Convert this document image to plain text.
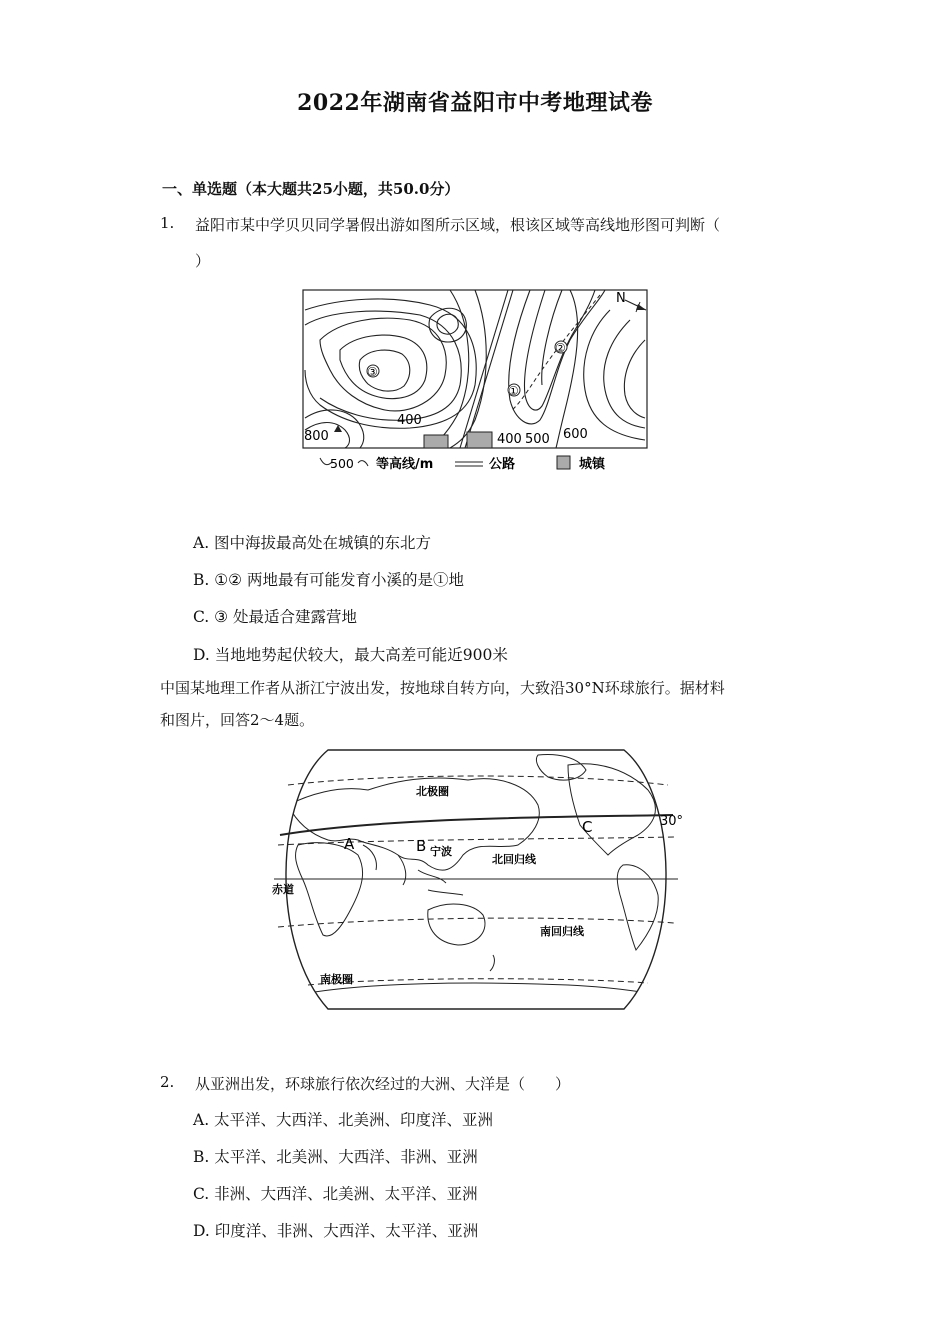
2022年湖南省益阳市中考地理试卷
一、单选题（本大题共25小题，共50.0分）
1. 益阳市某中学贝贝同学暑假出游如图所示区域，根该区域等高线地形图可判断（
）
N
①
②
③
400
800	400 500 600
500 等高线/m	公路	城镇
A. 图中海拔最高处在城镇的东北方
B. ①② 两地最有可能发育小溪的是①地
C. ③ 处最适合建露营地
D. 当地地势起伏较大，最大高差可能近900米
中国某地理工作者从浙江宁波出发，按地球自转方向，大致沿30°N环球旅行。据材料
和图片，回答2～4题。
北极圈
30°
A	B 宁波
C
北回归线
赤道
南回归线
南极圈
2. 从亚洲出发，环球旅行依次经过的大洲、大洋是（　　）
A. 太平洋、大西洋、北美洲、印度洋、亚洲
B. 太平洋、北美洲、大西洋、非洲、亚洲
C. 非洲、大西洋、北美洲、太平洋、亚洲
D. 印度洋、非洲、大西洋、太平洋、亚洲
